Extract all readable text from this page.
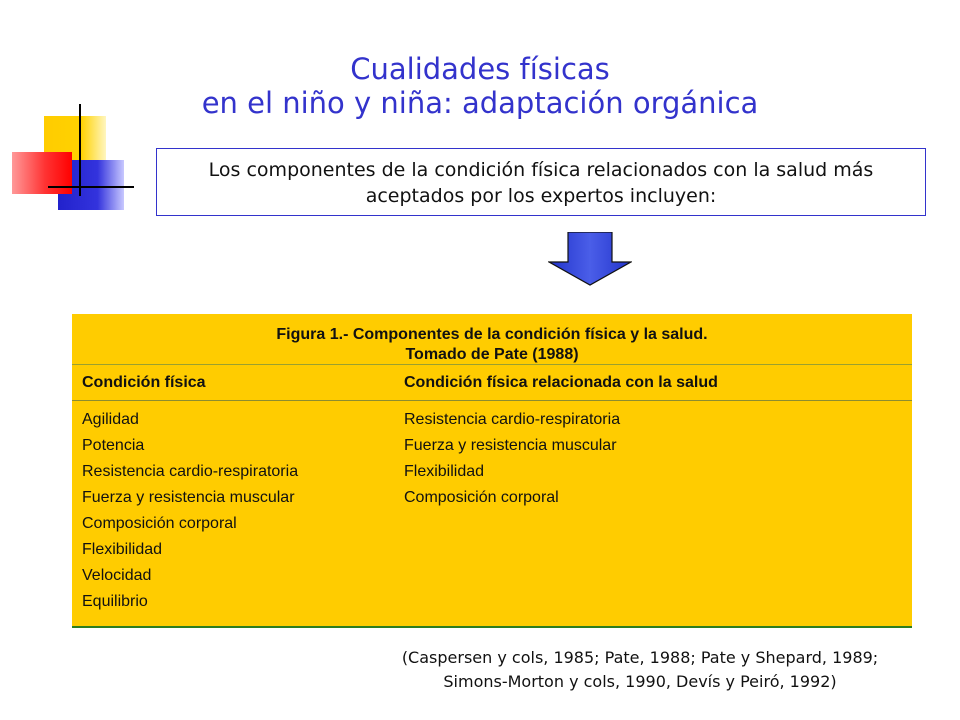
Cualidades físicas
en el niño y niña: adaptación orgánica
Los componentes de la condición física relacionados con la salud más
aceptados por los expertos incluyen:
Figura 1.- Componentes de la condición física y la salud.
Tomado de Pate (1988)
Condición física	Condición física relacionada con la salud
Agilidad
Potencia
Resistencia cardio-respiratoria
Fuerza y resistencia muscular
Composición corporal
Flexibilidad
Velocidad
Equilibrio
Resistencia cardio-respiratoria
Fuerza y resistencia muscular
Flexibilidad
Composición corporal
(Caspersen y cols, 1985; Pate, 1988; Pate y Shepard, 1989;
Simons-Morton y cols, 1990, Devís y Peiró, 1992)
